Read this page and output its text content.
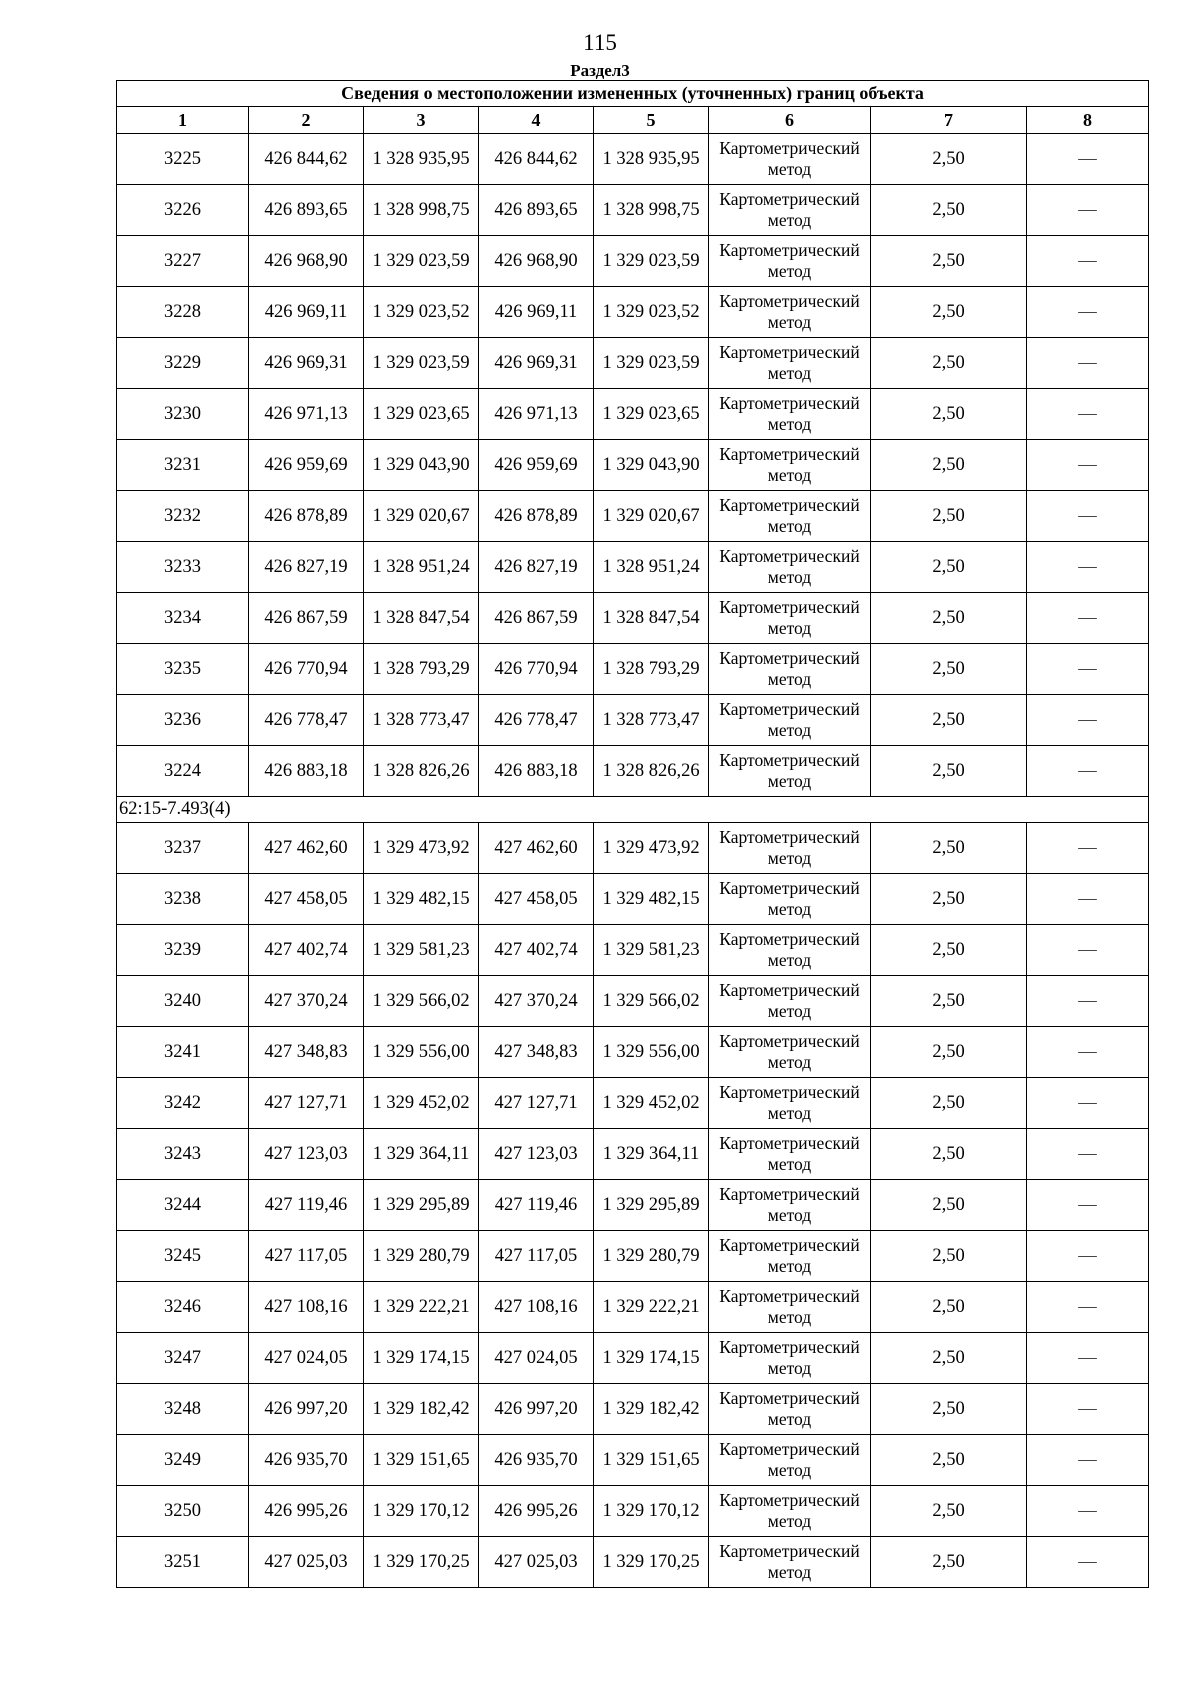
115
Раздел3
Сведения о местоположении измененных (уточненных) границ объекта							
1	2	3	4	5	6	7	8
3225	426 844,62	1 328 935,95	426 844,62	1 328 935,95	Картометрический метод	2,50	—
3226	426 893,65	1 328 998,75	426 893,65	1 328 998,75	Картометрический метод	2,50	—
3227	426 968,90	1 329 023,59	426 968,90	1 329 023,59	Картометрический метод	2,50	—
3228	426 969,11	1 329 023,52	426 969,11	1 329 023,52	Картометрический метод	2,50	—
3229	426 969,31	1 329 023,59	426 969,31	1 329 023,59	Картометрический метод	2,50	—
3230	426 971,13	1 329 023,65	426 971,13	1 329 023,65	Картометрический метод	2,50	—
3231	426 959,69	1 329 043,90	426 959,69	1 329 043,90	Картометрический метод	2,50	—
3232	426 878,89	1 329 020,67	426 878,89	1 329 020,67	Картометрический метод	2,50	—
3233	426 827,19	1 328 951,24	426 827,19	1 328 951,24	Картометрический метод	2,50	—
3234	426 867,59	1 328 847,54	426 867,59	1 328 847,54	Картометрический метод	2,50	—
3235	426 770,94	1 328 793,29	426 770,94	1 328 793,29	Картометрический метод	2,50	—
3236	426 778,47	1 328 773,47	426 778,47	1 328 773,47	Картометрический метод	2,50	—
3224	426 883,18	1 328 826,26	426 883,18	1 328 826,26	Картометрический метод	2,50	—
62:15-7.493(4)							
3237	427 462,60	1 329 473,92	427 462,60	1 329 473,92	Картометрический метод	2,50	—
3238	427 458,05	1 329 482,15	427 458,05	1 329 482,15	Картометрический метод	2,50	—
3239	427 402,74	1 329 581,23	427 402,74	1 329 581,23	Картометрический метод	2,50	—
3240	427 370,24	1 329 566,02	427 370,24	1 329 566,02	Картометрический метод	2,50	—
3241	427 348,83	1 329 556,00	427 348,83	1 329 556,00	Картометрический метод	2,50	—
3242	427 127,71	1 329 452,02	427 127,71	1 329 452,02	Картометрический метод	2,50	—
3243	427 123,03	1 329 364,11	427 123,03	1 329 364,11	Картометрический метод	2,50	—
3244	427 119,46	1 329 295,89	427 119,46	1 329 295,89	Картометрический метод	2,50	—
3245	427 117,05	1 329 280,79	427 117,05	1 329 280,79	Картометрический метод	2,50	—
3246	427 108,16	1 329 222,21	427 108,16	1 329 222,21	Картометрический метод	2,50	—
3247	427 024,05	1 329 174,15	427 024,05	1 329 174,15	Картометрический метод	2,50	—
3248	426 997,20	1 329 182,42	426 997,20	1 329 182,42	Картометрический метод	2,50	—
3249	426 935,70	1 329 151,65	426 935,70	1 329 151,65	Картометрический метод	2,50	—
3250	426 995,26	1 329 170,12	426 995,26	1 329 170,12	Картометрический метод	2,50	—
3251	427 025,03	1 329 170,25	427 025,03	1 329 170,25	Картометрический метод	2,50	—
